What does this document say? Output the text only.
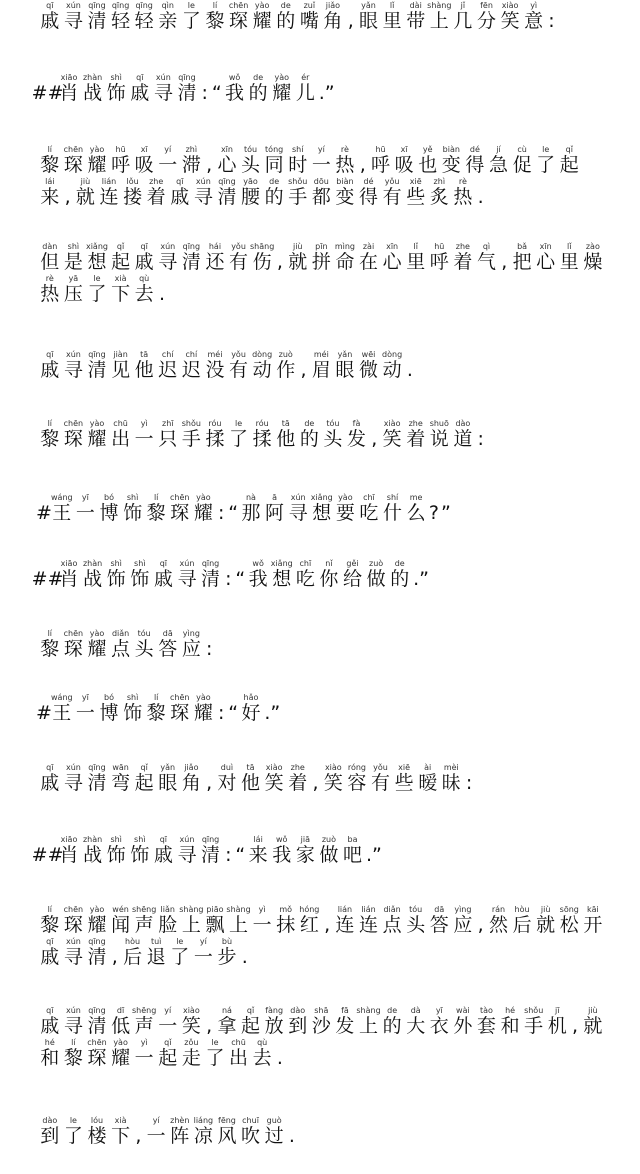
qī
戚
xún
寻
qīng
清
qīng
轻
qīng
轻
qìn
亲
le
了
lí
黎
chēn
琛
yào
耀
de
的
zuǐ
嘴
jiǎo
角 ,
yǎn
眼
lǐ
里
dài
带
shàng
上
jǐ
几
fēn
分
xiào
笑
yì
意 :
##
xiāo
肖
zhàn
战
shì
饰
qī
戚
xún
寻
qīng
清 : “
wǒ
我
de
的
yào
耀
ér
儿 .”
lí
黎
chēn
琛
yào
耀
hū
呼
xī
吸
yí
一
zhì
滞 ,
xīn
心
tóu
头
tóng
同
shí
时
yí
一
rè
热 ,
hū
呼
xī
吸
yě
也
biàn
变
dé
得
jí
急
cù
促
le
了
qǐ
起
lái
来 ,
jiù
就
lián
连
lǒu
搂
zhe
着
qī
戚
xún
寻
qīng
清
yāo
腰
de
的
shǒu
手
dōu
都
biàn
变
dé
得
yǒu
有
xiē
些
zhì
炙
rè
热 .
dàn
但
shì
是
xiǎng
想
qǐ
起
qī
戚
xún
寻
qīng
清
hái
还
yǒu
有
shāng
伤 ,
jiù
就
pīn
拼
mìng
命
zài
在
xīn
心
lǐ
里
hū
呼
zhe
着
qì
气 ,
bǎ
把
xīn
心
lǐ
里
zào
燥
rè
热
yā
压
le
了
xià
下
qù
去 .
qī
戚
xún
寻
qīng
清
jiàn
见
tā
他
chí
迟
chí
迟
méi
没
yǒu
有
dòng
动
zuò
作 ,
méi
眉
yǎn
眼
wēi
微
dòng
动 .
lí
黎
chēn
琛
yào
耀
chū
出
yì
一
zhī
只
shǒu
手
róu
揉
le
了
róu
揉
tā
他
de
的
tóu
头
fà
发 ,
xiào
笑
zhe
着
shuō
说
dào
道 :
#
wáng
王
yī
一
bó
博
shì
饰
lí
黎
chēn
琛
yào
耀 : “
nà
那
ā
阿
xún
寻
xiǎng
想
yào
要
chī
吃
shí
什
me
么 ? ”
##
xiāo
肖
zhàn
战
shì
饰
shì
饰
qī
戚
xún
寻
qīng
清 : “
wǒ
我
xiǎng
想
chī
吃
nǐ
你
gěi
给
zuò
做
de
的 .”
lí
黎
chēn
琛
yào
耀
diǎn
点
tóu
头
dā
答
yìng
应 :
#
wáng
王
yī
一
bó
博
shì
饰
lí
黎
chēn
琛
yào
耀 : “
hǎo
好 .”
qī
戚
xún
寻
qīng
清
wān
弯
qǐ
起
yǎn
眼
jiǎo
角 ,
duì
对
tā
他
xiào
笑
zhe
着 ,
xiào
笑
róng
容
yǒu
有
xiē
些
ài
暧
mèi
昧 :
##
xiāo
肖
zhàn
战
shì
饰
shì
饰
qī
戚
xún
寻
qīng
清 : “
lái
来
wǒ
我
jiā
家
zuò
做
ba
吧 .”
lí
黎
chēn
琛
yào
耀
wén
闻
shēng
声
liǎn
脸
shàng
上
piāo
飘
shàng
上
yì
一
mǒ
抹
hóng
红 ,
lián
连
lián
连
diǎn
点
tóu
头
dā
答
yìng
应 ,
rán
然
hòu
后
jiù
就
sōng
松
kāi
开
qī
戚
xún
寻
qīng
清 ,
hòu
后
tuì
退
le
了
yí
一
bù
步 .
qī
戚
xún
寻
qīng
清
dī
低
shēng
声
yí
一
xiào
笑 ,
ná
拿
qǐ
起
fàng
放
dào
到
shā
沙
fā
发
shàng
上
de
的
dà
大
yī
衣
wài
外
tào
套
hé
和
shǒu
手
jī
机 ,
jiù
就
hé
和
lí
黎
chēn
琛
yào
耀
yì
一
qǐ
起
zǒu
走
le
了
chū
出
qù
去 .
dào
到
le
了
lóu
楼
xià
下 ,
yí
一
zhèn
阵
liáng
凉
fēng
风
chuī
吹
guò
过 .
